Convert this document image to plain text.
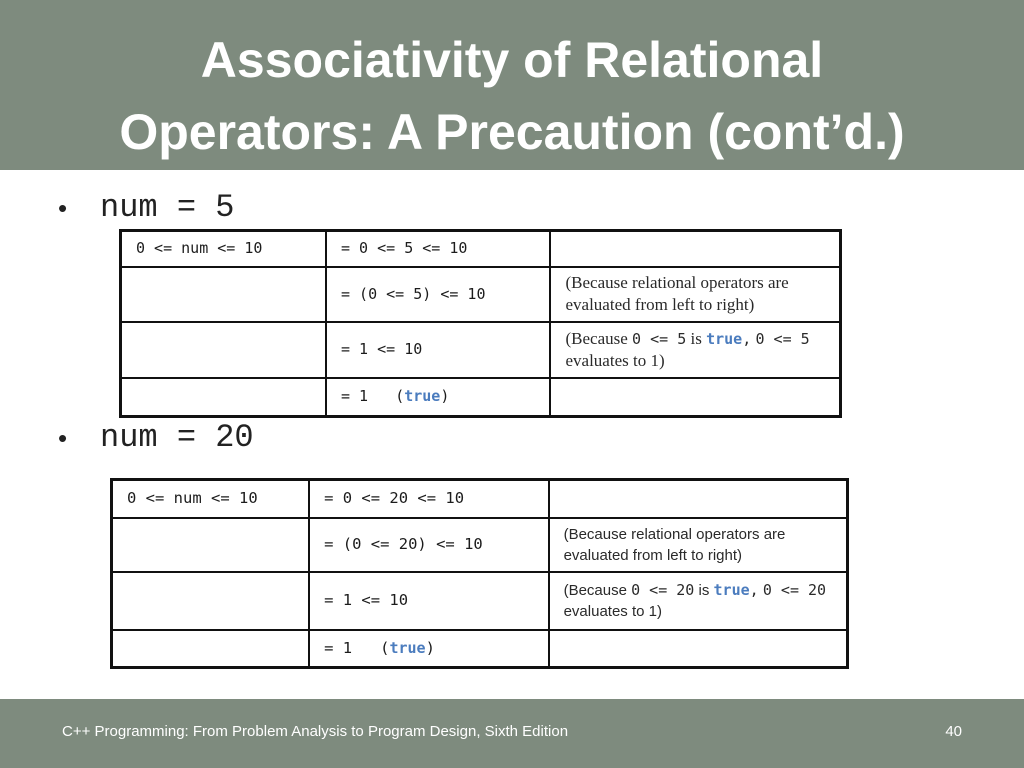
Associativity of Relational
Operators: A Precaution (cont’d.)
• num = 5
0 <= num <= 10	= 0 <= 5 <= 10	
	= (0 <= 5) <= 10	(Because relational operators are evaluated from left to right)
	= 1 <= 10	(Because 0 <= 5 is true, 0 <= 5 evaluates to 1)
	= 1 (true)	
• num = 20
0 <= num <= 10	= 0 <= 20 <= 10	
	= (0 <= 20) <= 10	(Because relational operators are evaluated from left to right)
	= 1 <= 10	(Because 0 <= 20 is true, 0 <= 20 evaluates to 1)
	= 1 (true)	
C++ Programming: From Problem Analysis to Program Design, Sixth Edition	40
